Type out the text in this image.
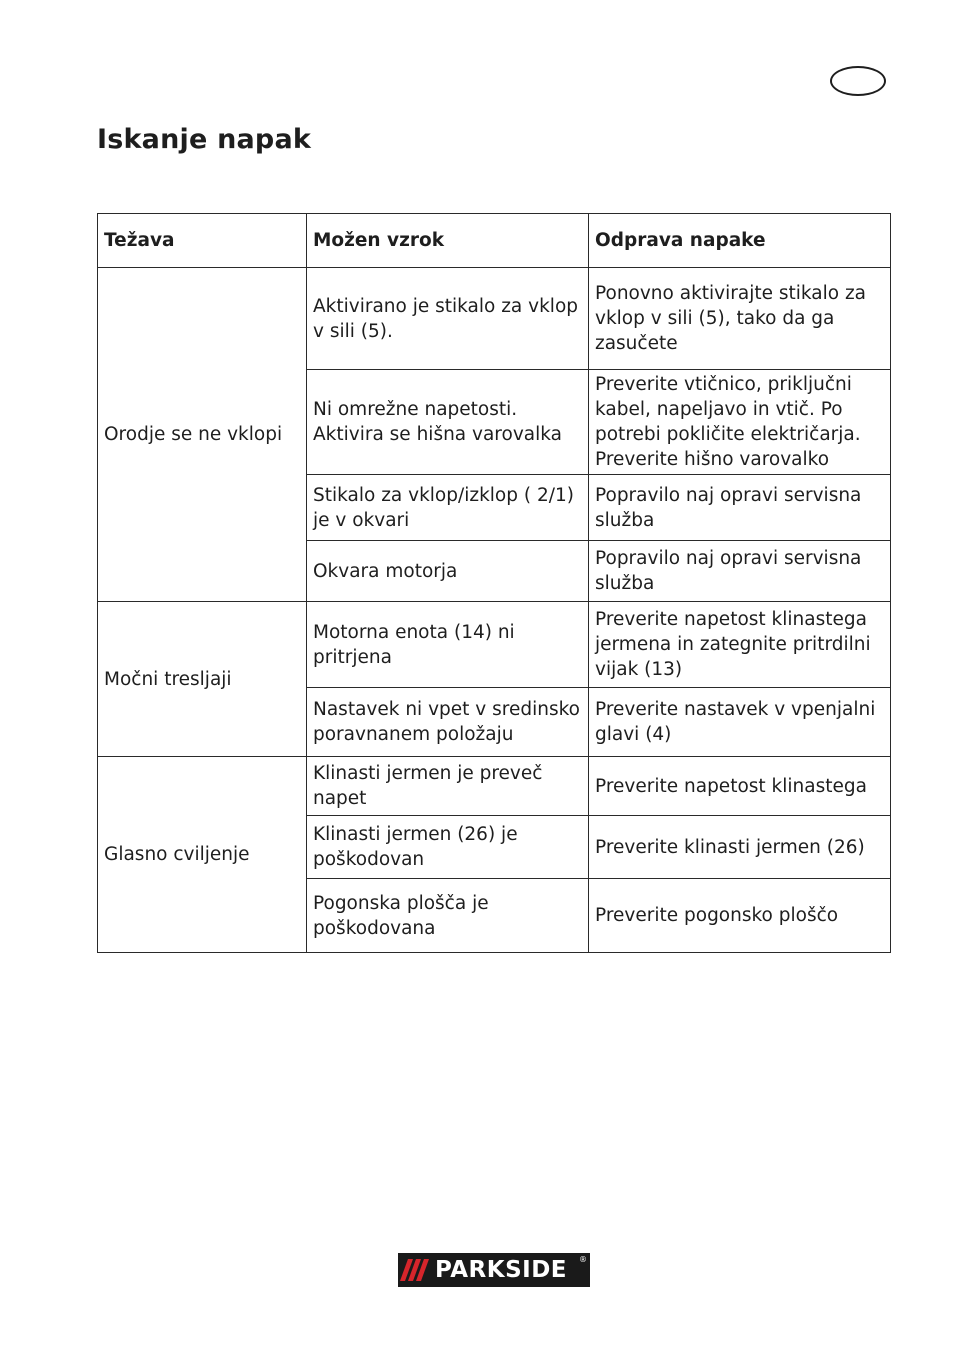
Iskanje napak
Težava	Možen vzrok	Odprava napake
Orodje se ne vklopi	Aktivirano je stikalo za vklop v sili (5).	Ponovno aktivirajte stikalo za vklop v sili (5), tako da ga zasučete
	Ni omrežne napetosti. Aktivira se hišna varovalka	Preverite vtičnico, priključni kabel, napeljavo in vtič. Po potrebi pokličite električarja. Preverite hišno varovalko
	Stikalo za vklop/izklop ( 2/1) je v okvari	Popravilo naj opravi servisna služba
	Okvara motorja	Popravilo naj opravi servisna služba
Močni tresljaji	Motorna enota (14) ni pritrjena	Preverite napetost klinastega jermena in zategnite pritrdilni vijak (13)
	Nastavek ni vpet v sredinsko poravnanem položaju	Preverite nastavek v vpenjalni glavi (4)
Glasno cviljenje	Klinasti jermen je preveč napet	Preverite napetost klinastega
	Klinasti jermen (26) je poškodovan	Preverite klinasti jermen (26)
	Pogonska plošča je poškodovana	Preverite pogonsko ploščo
PARKSIDE ®
